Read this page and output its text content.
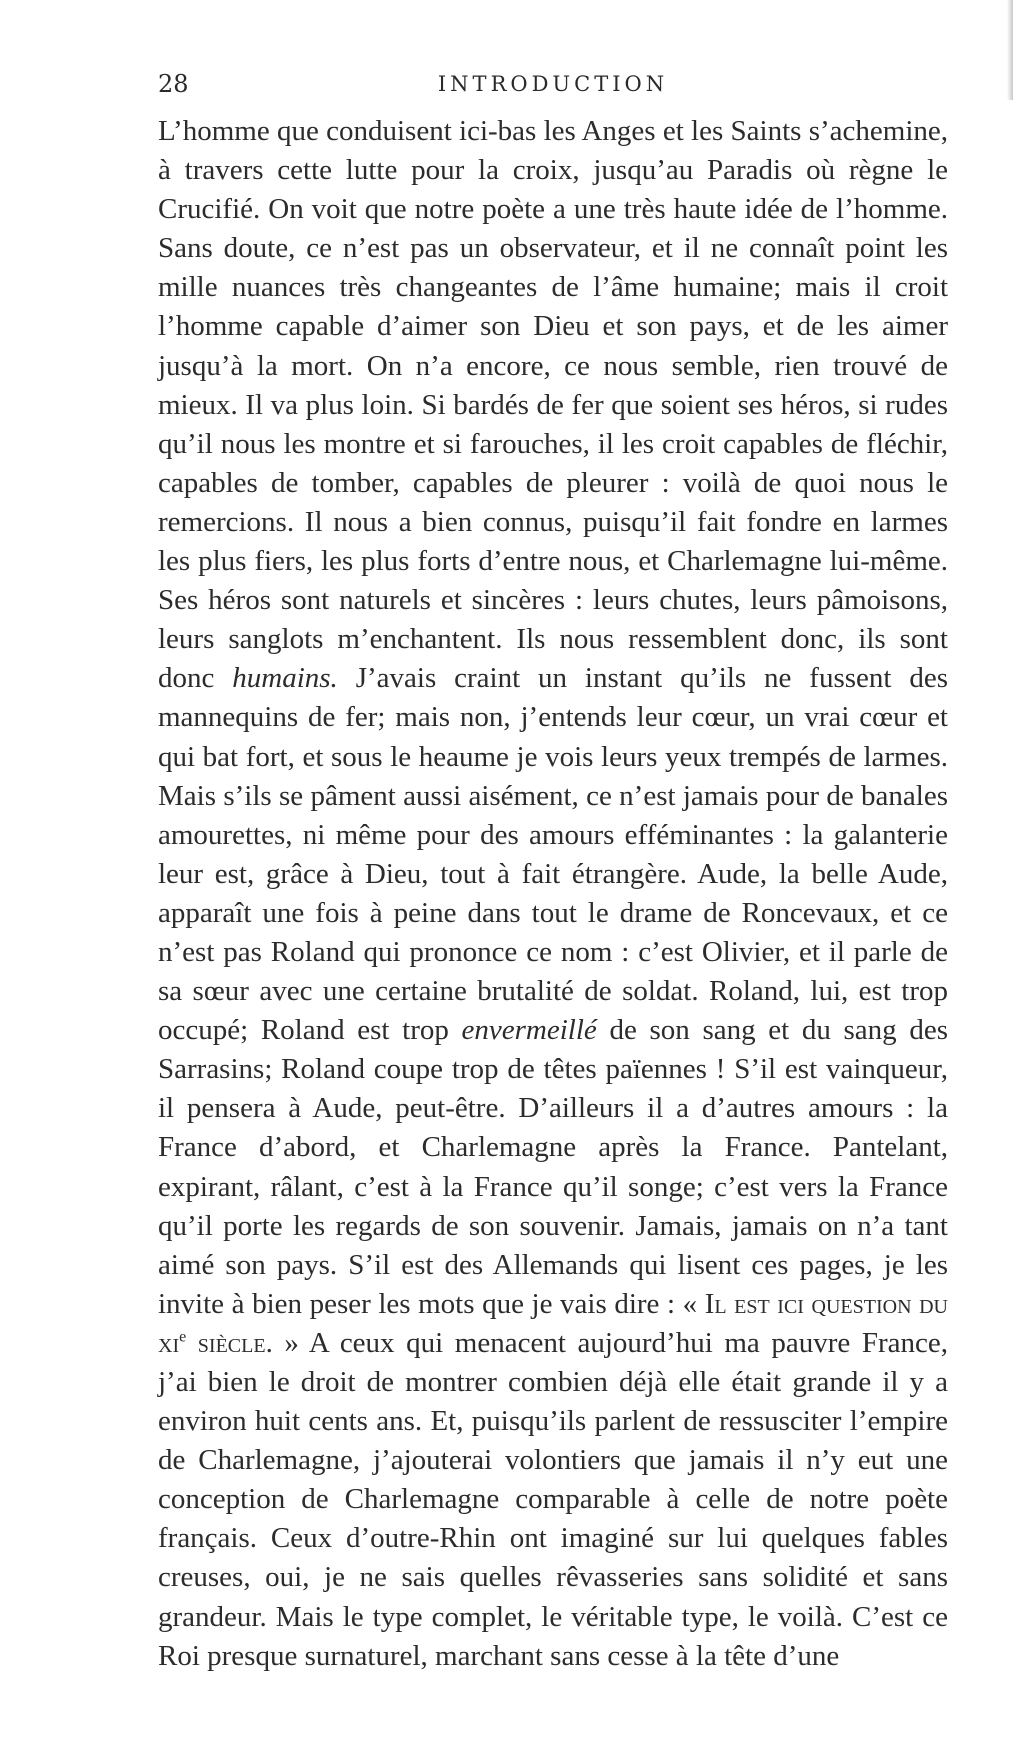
28	INTRODUCTION

L’homme que conduisent ici-bas les Anges et les Saints s’achemine, à travers cette lutte pour la croix, jusqu’au Paradis où règne le Crucifié. On voit que notre poète a une très haute idée de l’homme. Sans doute, ce n’est pas un observateur, et il ne connaît point les mille nuances très changeantes de l’âme humaine; mais il croit l’homme capable d’aimer son Dieu et son pays, et de les aimer jusqu’à la mort. On n’a encore, ce nous semble, rien trouvé de mieux. Il va plus loin. Si bardés de fer que soient ses héros, si rudes qu’il nous les montre et si farouches, il les croit capables de fléchir, capables de tomber, capables de pleurer : voilà de quoi nous le remercions. Il nous a bien connus, puisqu’il fait fondre en larmes les plus fiers, les plus forts d’entre nous, et Charlemagne lui-même. Ses héros sont naturels et sincères : leurs chutes, leurs pâmoisons, leurs sanglots m’enchantent. Ils nous ressemblent donc, ils sont donc humains. J’avais craint un instant qu’ils ne fussent des mannequins de fer; mais non, j’entends leur cœur, un vrai cœur et qui bat fort, et sous le heaume je vois leurs yeux trempés de larmes. Mais s’ils se pâment aussi aisément, ce n’est jamais pour de banales amourettes, ni même pour des amours efféminantes : la galanterie leur est, grâce à Dieu, tout à fait étrangère. Aude, la belle Aude, apparaît une fois à peine dans tout le drame de Roncevaux, et ce n’est pas Roland qui prononce ce nom : c’est Olivier, et il parle de sa sœur avec une certaine brutalité de soldat. Roland, lui, est trop occupé; Roland est trop envermeillé de son sang et du sang des Sarrasins; Roland coupe trop de têtes païennes ! S’il est vainqueur, il pensera à Aude, peut-être. D’ailleurs il a d’autres amours : la France d’abord, et Charlemagne après la France. Pantelant, expirant, râlant, c’est à la France qu’il songe; c’est vers la France qu’il porte les regards de son souvenir. Jamais, jamais on n’a tant aimé son pays. S’il est des Allemands qui lisent ces pages, je les invite à bien peser les mots que je vais dire : « Il est ici question du $xi^e$ siècle. » A ceux qui menacent aujourd’hui ma pauvre France, j’ai bien le droit de montrer combien déjà elle était grande il y a environ huit cents ans. Et, puisqu’ils parlent de ressusciter l’empire de Charlemagne, j’ajouterai volontiers que jamais il n’y eut une conception de Charlemagne comparable à celle de notre poète français. Ceux d’outre-Rhin ont imaginé sur lui quelques fables creuses, oui, je ne sais quelles rêvasseries sans solidité et sans grandeur. Mais le type complet, le véritable type, le voilà. C’est ce Roi presque surnaturel, marchant sans cesse à la tête d’une
